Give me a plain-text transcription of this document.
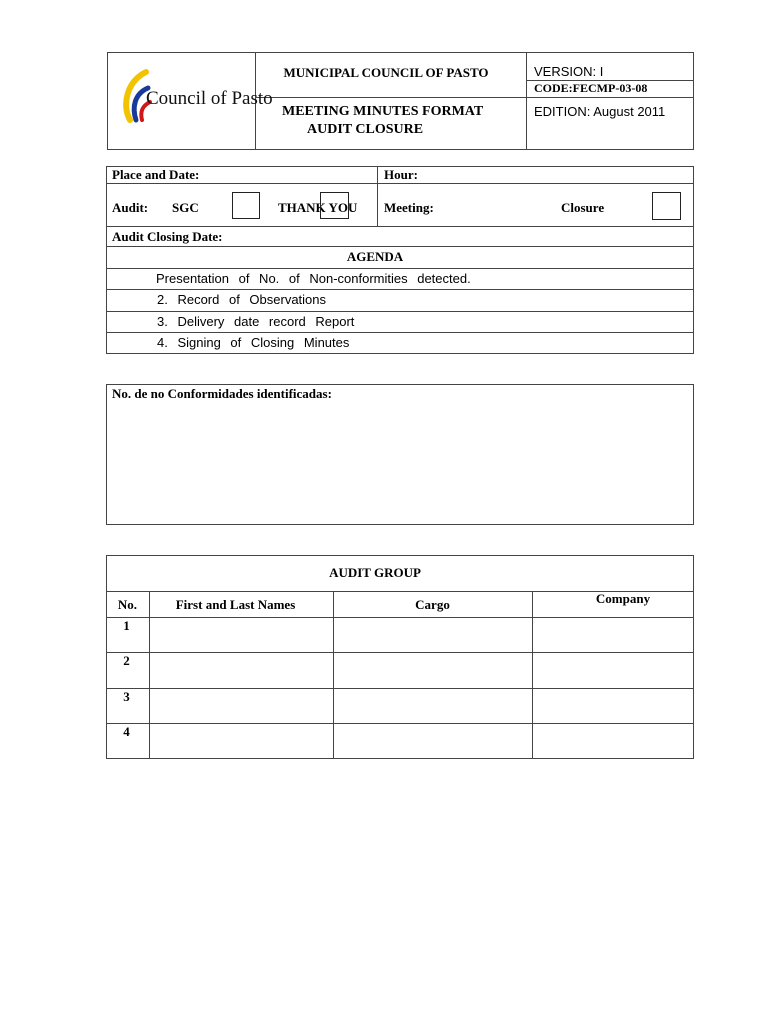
Council of Pasto
MUNICIPAL COUNCIL OF PASTO
MEETING MINUTES FORMAT
AUDIT CLOSURE
VERSION: I
CODE:FECMP-03-08
EDITION: August 2011
Place and Date:	Hour:
Audit: SGC	THANK YOU Meeting:	Closure
Audit Closing Date:
AGENDA
Presentation of No. of Non-conformities detected.
2. Record of Observations
3. Delivery date record Report
4. Signing of Closing Minutes
No. de no Conformidades identificadas:
AUDIT GROUP
No.	First and Last Names	Cargo	Company
1
2
3
4
